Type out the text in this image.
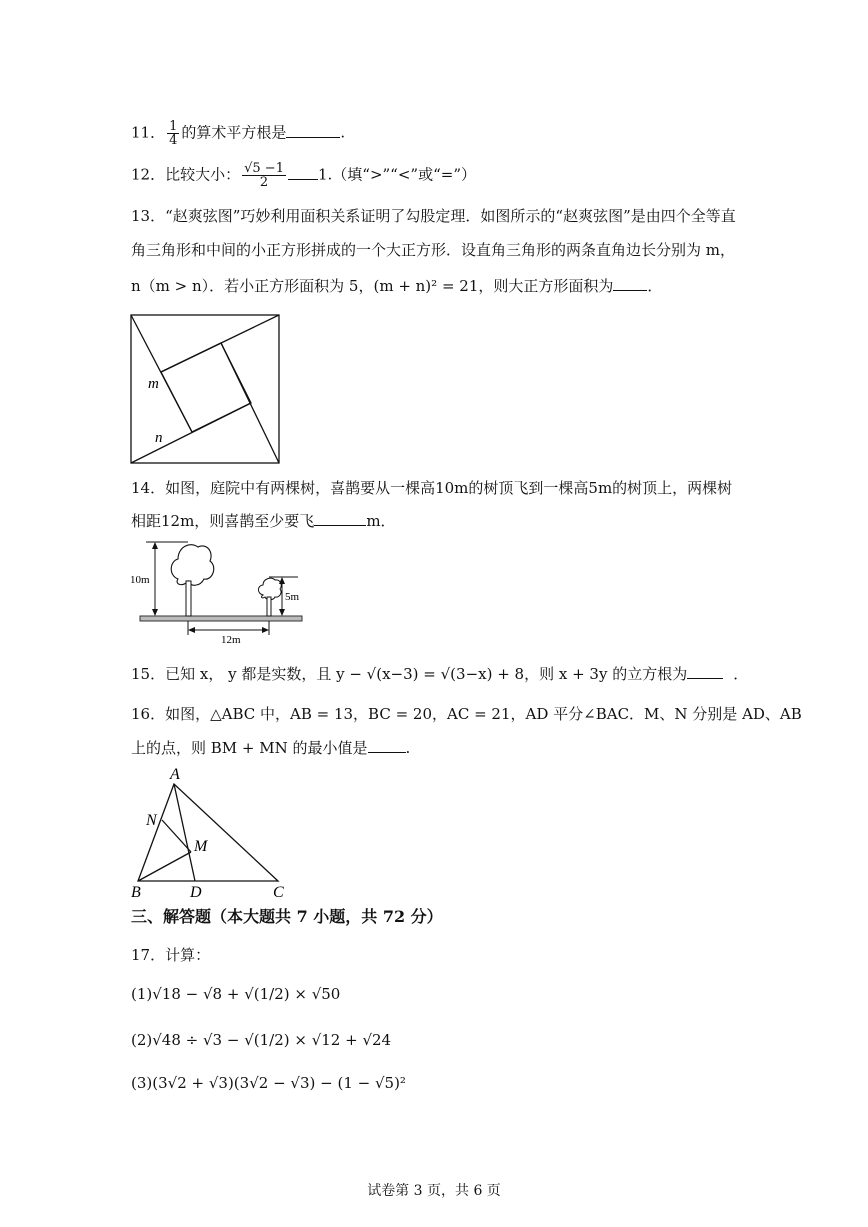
11． $\frac{1}{4}$ 的算术平方根是	.
12．比较大小： $\frac{√5 -1}{2} 1$.（填“>”“<”或“=”）
13．“赵爽弦图”巧妙利用面积关系证明了勾股定理．如图所示的“赵爽弦图”是由四个全等直
角三角形和中间的小正方形拼成的一个大正方形．设直角三角形的两条直角边长分别为 m，
n（m > n）．若小正方形面积为 5，(m + n)² = 21，则大正方形面积为 ．
m
n
14．如图，庭院中有两棵树，喜鹊要从一棵高10m的树顶飞到一棵高5m的树顶上，两棵树
相距12m，则喜鹊至少要飞	m．
10m
5m
12m
15．已知 x， y 都是实数，且 y − √(x−3) = √(3−x) + 8，则 x + 3y 的立方根为	．
16．如图，△ABC 中，AB = 13，BC = 20，AC = 21，AD 平分∠BAC．M、N 分别是 AD、AB
上的点，则 BM + MN 的最小值是	.
A
B	C
D
M
N
三、解答题（本大题共 7 小题，共 72 分）
17．计算：
(1)√18 − √8 + √(1/2) × √50
(2)√48 ÷ √3 − √(1/2) × √12 + √24
(3)(3√2 + √3)(3√2 − √3) − (1 − √5)²
试卷第 3 页，共 6 页
